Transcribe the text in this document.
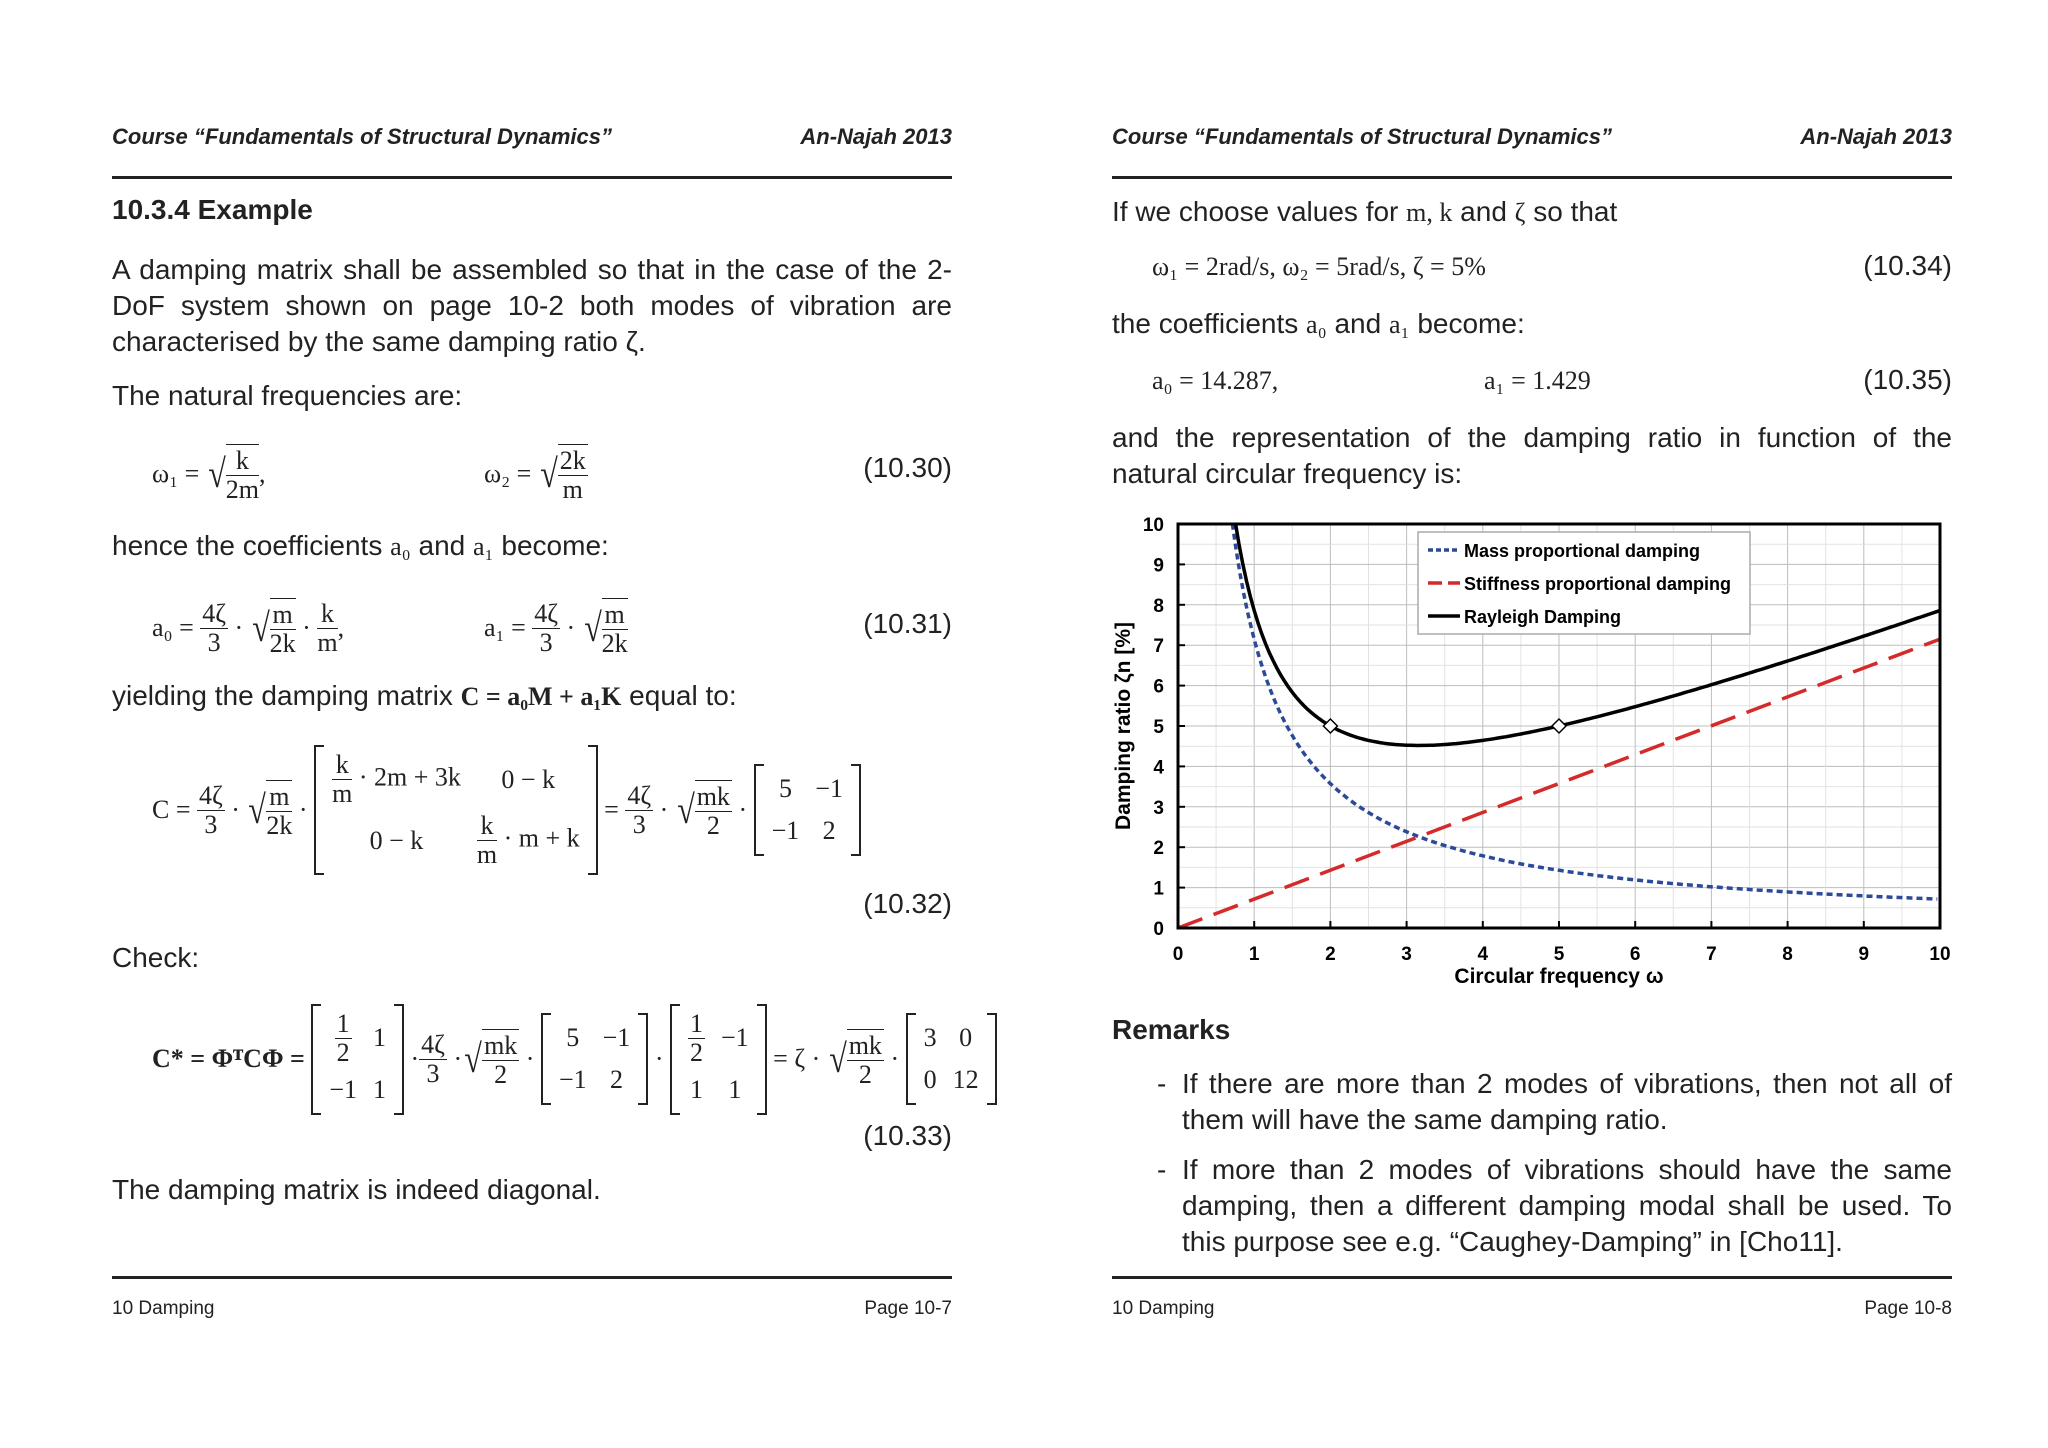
Course “Fundamentals of Structural Dynamics”	An-Najah 2013
10.3.4 Example
A damping matrix shall be assembled so that in the case of the 2-DoF system shown on page 10-2 both modes of vibration are characterised by the same damping ratio ζ.
The natural frequencies are:
ω₁ =
√ $\frac{k}{2m}$ ,	ω₂ =
√ $\frac{2k}{m}$	(10.30)
hence the coefficients a₀ and a₁ become:
a₀ =
$\frac{4\zeta}{3}$ · √ $\frac{m}{2k} \cdot \frac{k}{m}$ ,	a₁ =
$\frac{4\zeta}{3}$ · √ $\frac{m}{2k}$	(10.31)
yielding the damping matrix C = a₀M + a₁K equal to:
C =
$\frac{4\zeta}{3}$ · √ $\frac{m}{2k}$ ·
$\frac{k}{m} \cdot 2m + 3k$	0 − k
0 − k	$\frac{k}{m} \cdot m + k$

=
$\frac{4\zeta}{3}$ · √ $\frac{mk}{2}$ ·
5	−1
−1	2
(10.32)
Check:
C* = ΦᵀCΦ =
$\frac{1}{2}$	1
−1	1
· $\frac{4\zeta}{3}$ · √ $\frac{mk}{2}$ ·
5	−1
−1	2
· $\frac{1}{2}$	−1
1	1

= ζ ·
√ $\frac{mk}{2}$ ·
3	0
0	12
(10.33)
The damping matrix is indeed diagonal.
10 Damping	Page 10-7
Course “Fundamentals of Structural Dynamics”	An-Najah 2013
If we choose values for m, k and ζ so that
ω₁ = 2rad/s, ω₂ = 5rad/s, ζ = 5%	(10.34)
the coefficients a₀ and a₁ become:
a₀ = 14.287,	a₁ = 1.429	(10.35)
and the representation of the damping ratio in function of the natural circular frequency is:
0	1	2	3	4	5	6	7	8	9	10
0
1
2
3
4
5
6
7
8
9
10
Circular frequency ω
Damping ratio ζn [%]
Mass proportional damping
Stiffness proportional damping
Rayleigh Damping
Remarks
- If there are more than 2 modes of vibrations, then not all of them will have the same damping ratio.
- If more than 2 modes of vibrations should have the same damping, then a different damping modal shall be used. To this purpose see e.g. “Caughey-Damping” in [Cho11].
10 Damping	Page 10-8
